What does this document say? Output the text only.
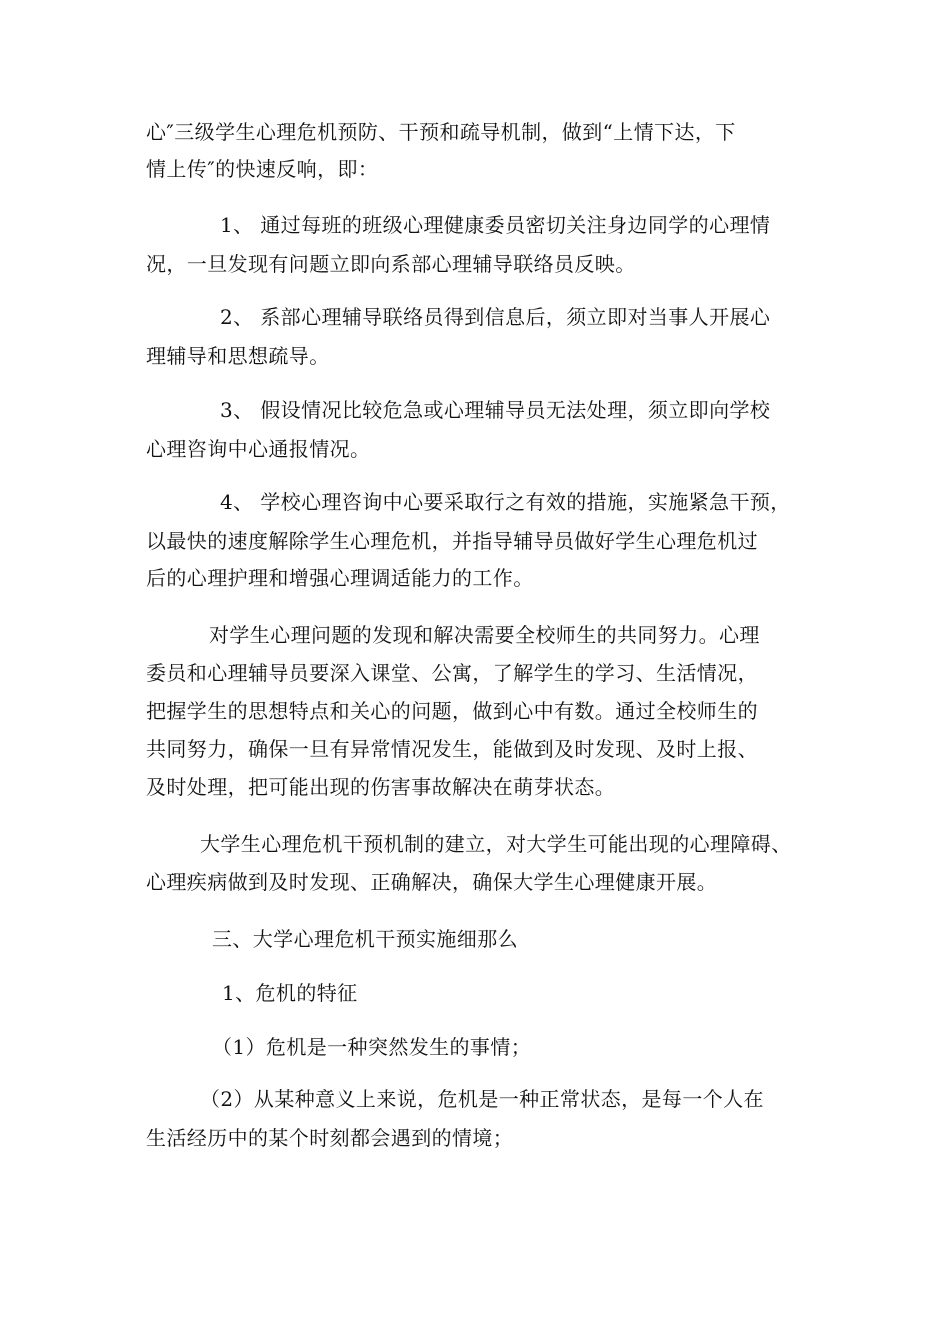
心″三级学生心理危机预防、干预和疏导机制，做到“上情下达，下
情上传″的快速反响，即：
1、 通过每班的班级心理健康委员密切关注身边同学的心理情
况，一旦发现有问题立即向系部心理辅导联络员反映。
2、 系部心理辅导联络员得到信息后，须立即对当事人开展心
理辅导和思想疏导。
3、 假设情况比较危急或心理辅导员无法处理，须立即向学校
心理咨询中心通报情况。
4、 学校心理咨询中心要采取行之有效的措施，实施紧急干预，
以最快的速度解除学生心理危机，并指导辅导员做好学生心理危机过
后的心理护理和增强心理调适能力的工作。
对学生心理问题的发现和解决需要全校师生的共同努力。心理
委员和心理辅导员要深入课堂、公寓，了解学生的学习、生活情况，
把握学生的思想特点和关心的问题，做到心中有数。通过全校师生的
共同努力，确保一旦有异常情况发生，能做到及时发现、及时上报、
及时处理，把可能出现的伤害事故解决在萌芽状态。
大学生心理危机干预机制的建立，对大学生可能出现的心理障碍、
心理疾病做到及时发现、正确解决，确保大学生心理健康开展。
三、大学心理危机干预实施细那么
1、危机的特征
（1）危机是一种突然发生的事情；
（2）从某种意义上来说，危机是一种正常状态，是每一个人在
生活经历中的某个时刻都会遇到的情境；
